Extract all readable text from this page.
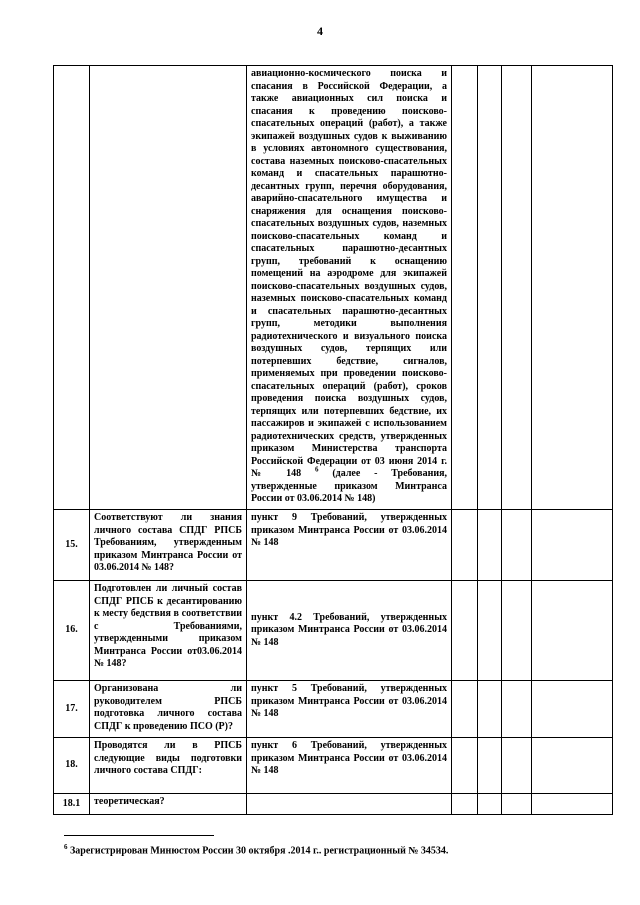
4
		авиационно-космического поиска и спасания в Российской Федерации, а также авиационных сил поиска и спасания к проведению поисково-спасательных операций (работ), а также экипажей воздушных судов к выживанию в условиях автономного существования, состава наземных поисково-спасательных команд и спасательных парашютно-десантных групп, перечня оборудования, аварийно-спасательного имущества и снаряжения для оснащения поисково-спасательных воздушных судов, наземных поисково-спасательных команд и спасательных парашютно-десантных групп, требований к оснащению помещений на аэродроме для экипажей поисково-спасательных воздушных судов, наземных поисково-спасательных команд и спасательных парашютно-десантных групп, методики выполнения радиотехнического и визуального поиска воздушных судов, терпящих или потерпевших бедствие, сигналов, применяемых при проведении поисково-спасательных операций (работ), сроков проведения поиска воздушных судов, терпящих или потерпевших бедствие, их пассажиров и экипажей с использованием радиотехнических средств, утвержденных приказом Министерства транспорта Российской Федерации от 03 июня 2014 г. № 148 $^6$ (далее - Требования, утвержденные приказом Минтранса России от 03.06.2014 № 148)				
15.	Соответствуют ли знания личного состава СПДГ РПСБ Требованиям, утвержденным приказом Минтранса России от 03.06.2014 № 148?	пункт 9 Требований, утвержденных приказом Минтранса России от 03.06.2014 № 148				
16.	Подготовлен ли личный состав СПДГ РПСБ к десантированию к месту бедствия в соответствии с Требованиями, утвержденными приказом Минтранса России от03.06.2014 № 148?	пункт 4.2 Требований, утвержденных приказом Минтранса России от 03.06.2014 № 148				
17.	Организована ли руководителем РПСБ подготовка личного состава СПДГ к проведению ПСО (Р)?	пункт 5 Требований, утвержденных приказом Минтранса России от 03.06.2014 № 148				
18.	Проводятся ли в РПСБ следующие виды подготовки личного состава СПДГ:	пункт 6 Требований, утвержденных приказом Минтранса России от 03.06.2014 № 148				
18.1	теоретическая?					
$^6$ Зарегистрирован Минюстом России 30 октября .2014 г.. регистрационный № 34534.
